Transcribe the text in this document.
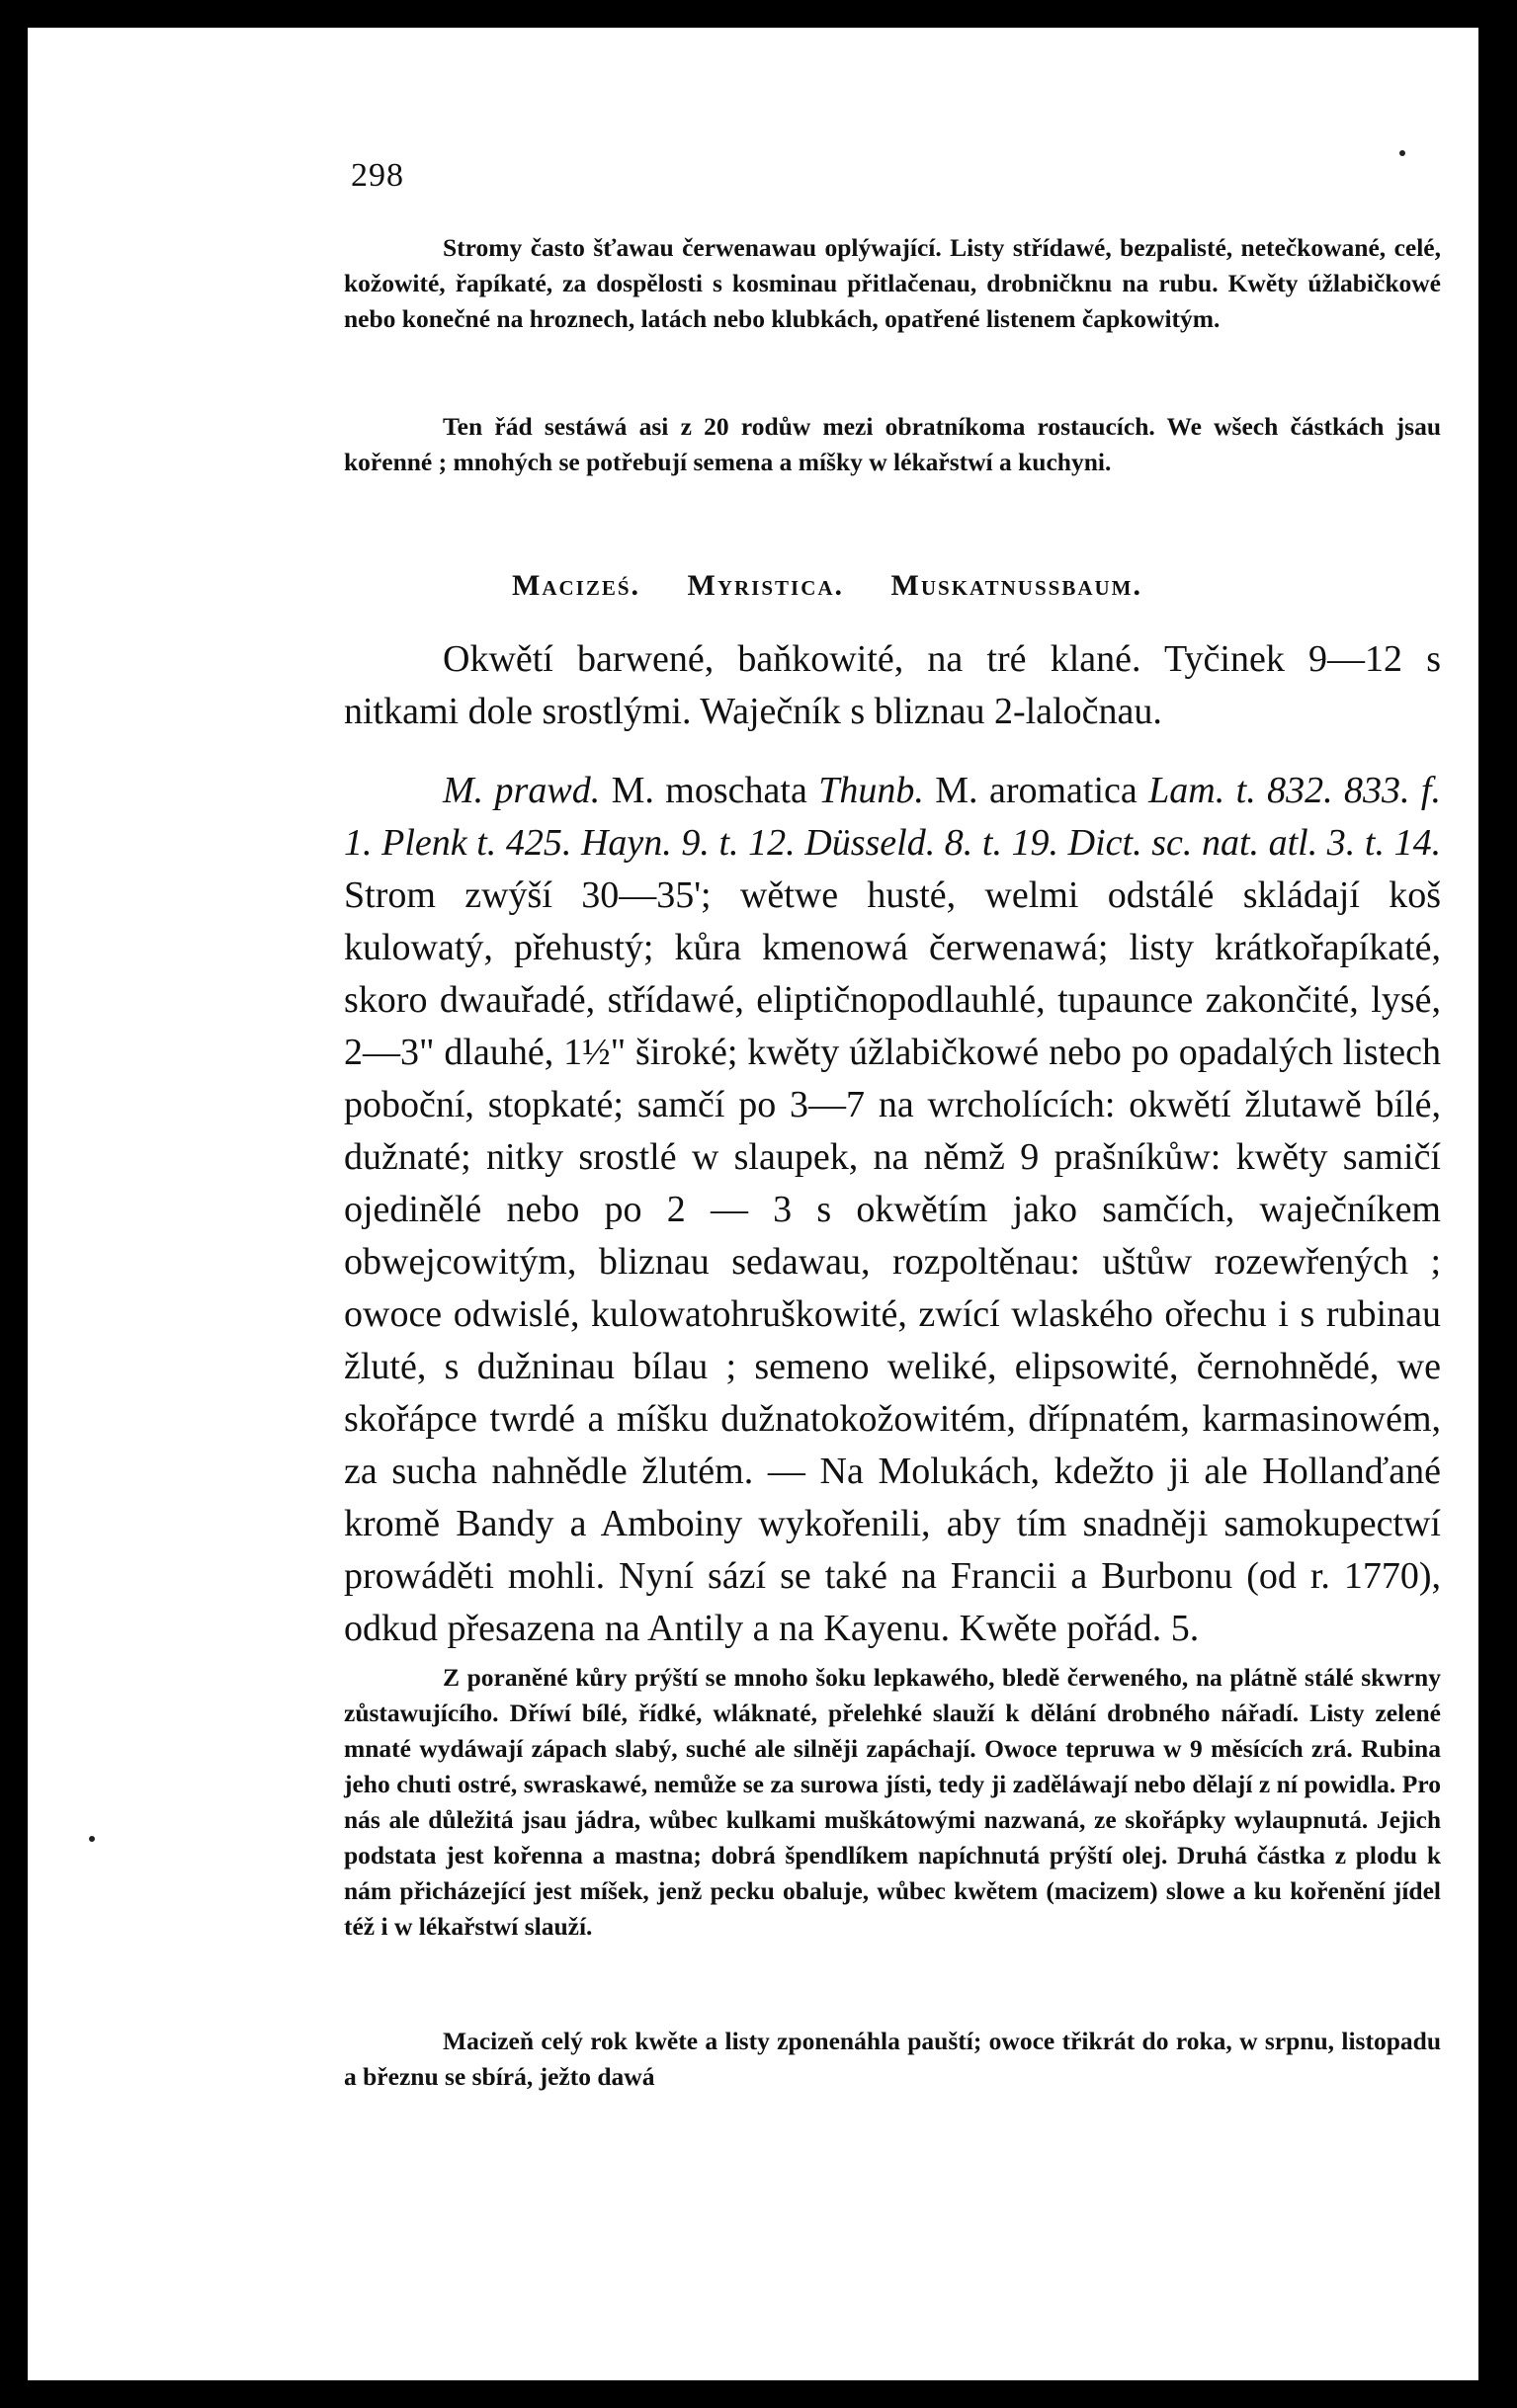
298

Stromy často šťawau čerwenawau oplýwající. Listy střídawé, bezpalisté, netečkowané, celé, kožowité, řapíkaté, za dospělosti s kosminau přitlačenau, drobničknu na rubu. Kwěty úžlabičkowé nebo konečné na hroznech, latách nebo klubkách, opatřené listenem čapkowitým.

Ten řád sestáwá asi z 20 rodůw mezi obratníkoma rostaucích. We wšech částkách jsau kořenné ; mnohých se potřebují semena a míšky w lékařstwí a kuchyni.

Maciześ. Myristica. Muskatnussbaum.

Okwětí barwené, baňkowité, na tré klané. Tyčinek 9—12 s nitkami dole srostlými. Waječník s bliznau 2-laločnau.

M. prawd. M. moschata Thunb. M. aromatica Lam. t. 832. 833. f. 1. Plenk t. 425. Hayn. 9. t. 12. Düsseld. 8. t. 19. Dict. sc. nat. atl. 3. t. 14. Strom zwýší 30—35'; wětwe husté, welmi odstálé skládají koš kulowatý, přehustý; kůra kmenowá čerwenawá; listy krátkořapíkaté, skoro dwauřadé, střídawé, eliptičnopodlauhlé, tupaunce zakončité, lysé, 2—3" dlauhé, 1½" široké; kwěty úžlabičkowé nebo po opadalých listech poboční, stopkaté; samčí po 3—7 na wrcholících: okwětí žlutawě bílé, dužnaté; nitky srostlé w slaupek, na němž 9 prašníkůw: kwěty samičí ojedinělé nebo po 2 — 3 s okwětím jako samčích, waječníkem obwejcowitým, bliznau sedawau, rozpoltěnau: uštůw rozewřených ; owoce odwislé, kulowatohruškowité, zwící wlaského ořechu i s rubinau žluté, s dužninau bílau ; semeno weliké, elipsowité, černohnědé, we skořápce twrdé a míšku dužnatokožowitém, dřípnatém, karmasinowém, za sucha nahnědle žlutém. — Na Molukách, kdežto ji ale Hollanďané kromě Bandy a Amboiny wykořenili, aby tím snadněji samokupectwí prowáděti mohli. Nyní sází se také na Francii a Burbonu (od r. 1770), odkud přesazena na Antily a na Kayenu. Kwěte pořád. 5.

Z poraněné kůry prýští se mnoho šoku lepkawého, bledě čerweného, na plátně stálé skwrny zůstawujícího. Dříwí bílé, řídké, wláknaté, přelehké slauží k dělání drobného nářadí. Listy zelené mnaté wydáwají zápach slabý, suché ale silněji zapáchají. Owoce tepruwa w 9 měsících zrá. Rubina jeho chuti ostré, swraskawé, nemůže se za surowa jísti, tedy ji zaděláwají nebo dělají z ní powidla. Pro nás ale důležitá jsau jádra, wůbec kulkami muškátowými nazwaná, ze skořápky wylaupnutá. Jejich podstata jest kořenna a mastna; dobrá špendlíkem napíchnutá prýští olej. Druhá částka z plodu k nám přicházející jest míšek, jenž pecku obaluje, wůbec kwětem (macizem) slowe a ku kořenění jídel též i w lékařstwí slauží.

Macizeň celý rok kwěte a listy zponenáhla pauští; owoce třikrát do roka, w srpnu, listopadu a březnu se sbírá, ježto dawá
